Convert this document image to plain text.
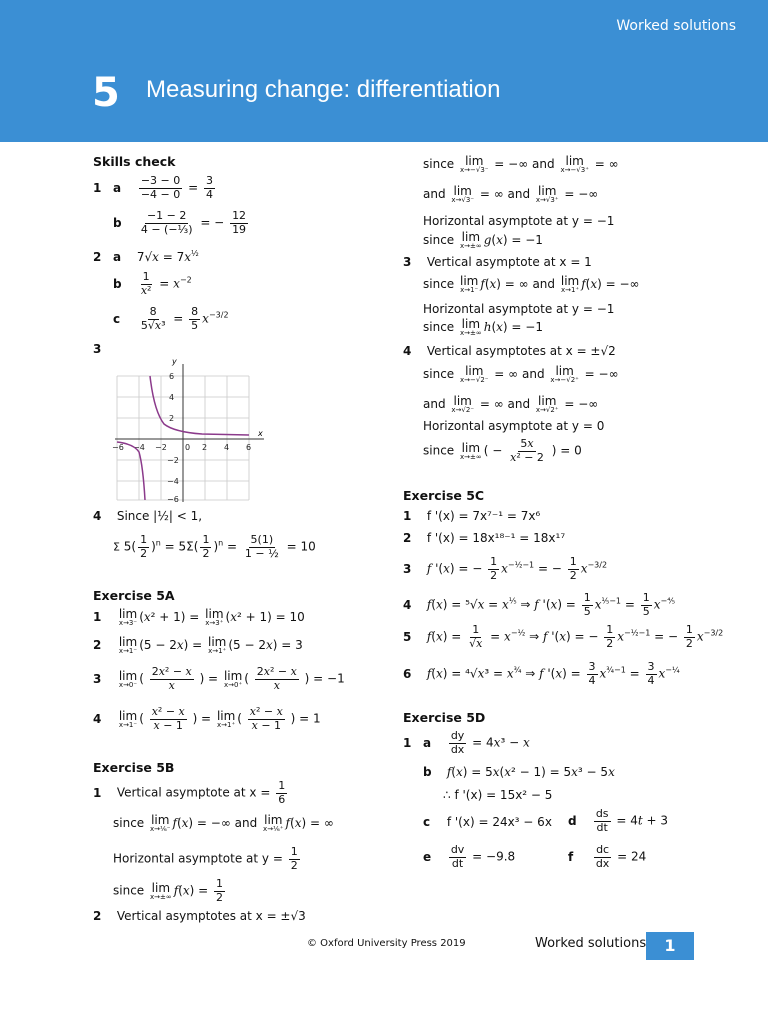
Worked solutions
5 Measuring change: differentiation
Skills check
1 a $\frac{-3 - 0}{-4 - 0} = \frac{3}{4}$
b $\frac{-1 - 2}{\text{4 − (−⅓)}}$ = − $\frac{12}{19}$
2 a $7√x = 7x^{\frac{1}{2}}$
b $\frac{1}{\text{x²}} = x^{-2}$
c $\frac{8}{\text{5√x³}} = \frac{8}{5} x^{-3/2}$
3
y
x
6
4
2
−2
−4
−6
−6 −4 −2 0 2 4 6
4 Since |½| < 1,
Σ $5( \frac{1}{2} )^n = 5\Sigma( \frac{1}{2} )^n = \frac{5(1)}{\text{1 − ½}} = 10$
Exercise 5A
1 lim
x→3⁻ (x² + 1) = lim
x→3⁺ (x² + 1) = 10
2 lim
x→1⁻ (5 − 2x) = lim
x→1⁺ (5 − 2x) = 3
3 lim
x→0⁻ ( $\frac{\text{2x² − x}}{x}$ ) = lim
x→0⁺ ( $\frac{\text{2x² − x}}{x}$ ) = −1
4 lim
x→1⁻ ( $\frac{\text{x² − x}}{x - 1}$ ) = lim
x→1⁺ ( $\frac{\text{x² − x}}{x - 1}$ ) = 1
Exercise 5B
1 Vertical asymptote at $x = \frac{1}{6}$
since lim
x→⅙⁻ f(x) = −∞ and lim
x→⅙⁺ f(x) = ∞
Horizontal asymptote at $y = \frac{1}{2}$
since lim
x→±∞ $f(x) = \frac{1}{2}$
2 Vertical asymptotes at x = ±√3
since lim
x→−√3⁻ = −∞ and lim
x→−√3⁺ = ∞
and lim
x→√3⁻ = ∞ and lim
x→√3⁺ = −∞
Horizontal asymptote at y = −1
since lim
x→±∞ g(x) = −1
3 Vertical asymptote at x = 1
since lim
x→1⁻ f(x) = ∞ and lim
x→1⁺ f(x) = −∞
Horizontal asymptote at y = −1
since lim
x→±∞ h(x) = −1
4 Vertical asymptotes at x = ±√2
since lim
x→−√2⁻ = ∞ and lim
x→−√2⁺ = −∞
and lim
x→√2⁻ = ∞ and lim
x→√2⁺ = −∞
Horizontal asymptote at y = 0
since lim
x→±∞ ( − $\frac{5x}{\text{x² − 2}}$ ) = 0
Exercise 5C
1 f '(x) = 7x⁷⁻¹ = 7x⁶
2 f '(x) = 18x¹⁸⁻¹ = 18x¹⁷
3 f '(x) = − $\frac{1}{2} x^{-\frac{1}{2}-1}$ = − $\frac{1}{2} x^{-3/2}$
4 $f(x) = ^5√x = x^{\frac{1}{5}}$ ⇒ f '$(x) = \frac{1}{5} x^{\frac{1}{5}-1} = \frac{1}{5} x^{-\frac{4}{5}}$
5 $f(x) = \frac{1}{√x} = x^{-\frac{1}{2}}$ ⇒ f '(x) = − $\frac{1}{2} x^{-\frac{1}{2}-1}$ = − $\frac{1}{2} x^{-3/2}$
6 $f(x) = ^4√x^3 = x^{\frac{3}{4}}$ ⇒ f '$(x) = \frac{3}{4} x^{\frac{3}{4}-1} = \frac{3}{4} x^{-\frac{1}{4}}$
Exercise 5D
1 a $\frac{dy}{dx} = 4x^3 - x$
b f(x) = 5x(x² − 1) = 5x³ − 5x
∴ f '(x) = 15x² − 5
c f '(x) = 24x³ − 6x d $\frac{ds}{dt} = 4t + 3$
e $\frac{dv}{dt} = -9.8$	f $\frac{dc}{dx} = 24$
© Oxford University Press 2019	Worked solutions	1
